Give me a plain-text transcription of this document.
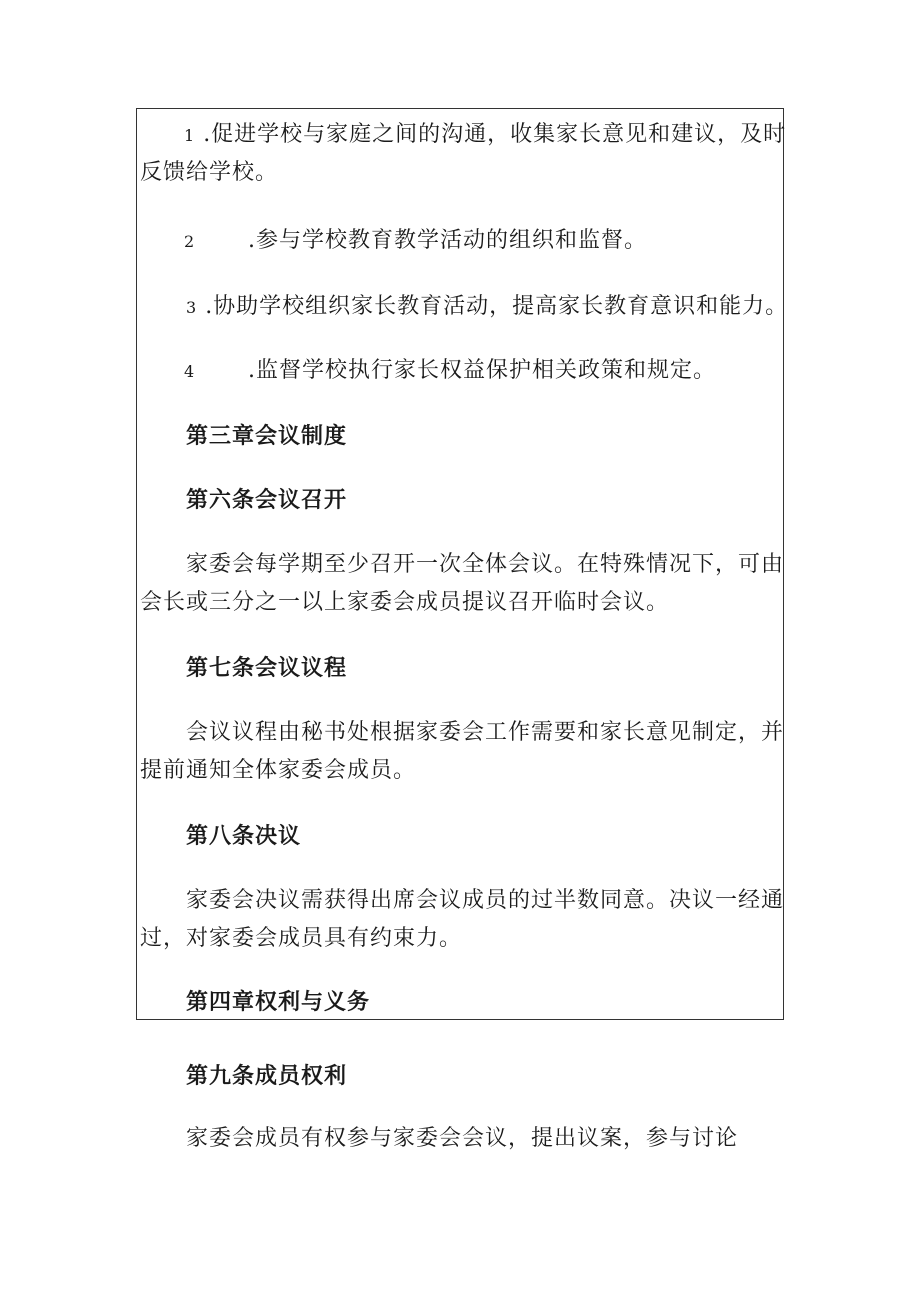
1 .促进学校与家庭之间的沟通，收集家长意见和建议，及时
反馈给学校。
2 .参与学校教育教学活动的组织和监督。
3 .协助学校组织家长教育活动，提高家长教育意识和能力。
4 .监督学校执行家长权益保护相关政策和规定。
第三章会议制度
第六条会议召开
家委会每学期至少召开一次全体会议。在特殊情况下，可由
会长或三分之一以上家委会成员提议召开临时会议。
第七条会议议程
会议议程由秘书处根据家委会工作需要和家长意见制定，并
提前通知全体家委会成员。
第八条决议
家委会决议需获得出席会议成员的过半数同意。决议一经通
过，对家委会成员具有约束力。
第四章权利与义务
第九条成员权利
家委会成员有权参与家委会会议，提出议案，参与讨论
